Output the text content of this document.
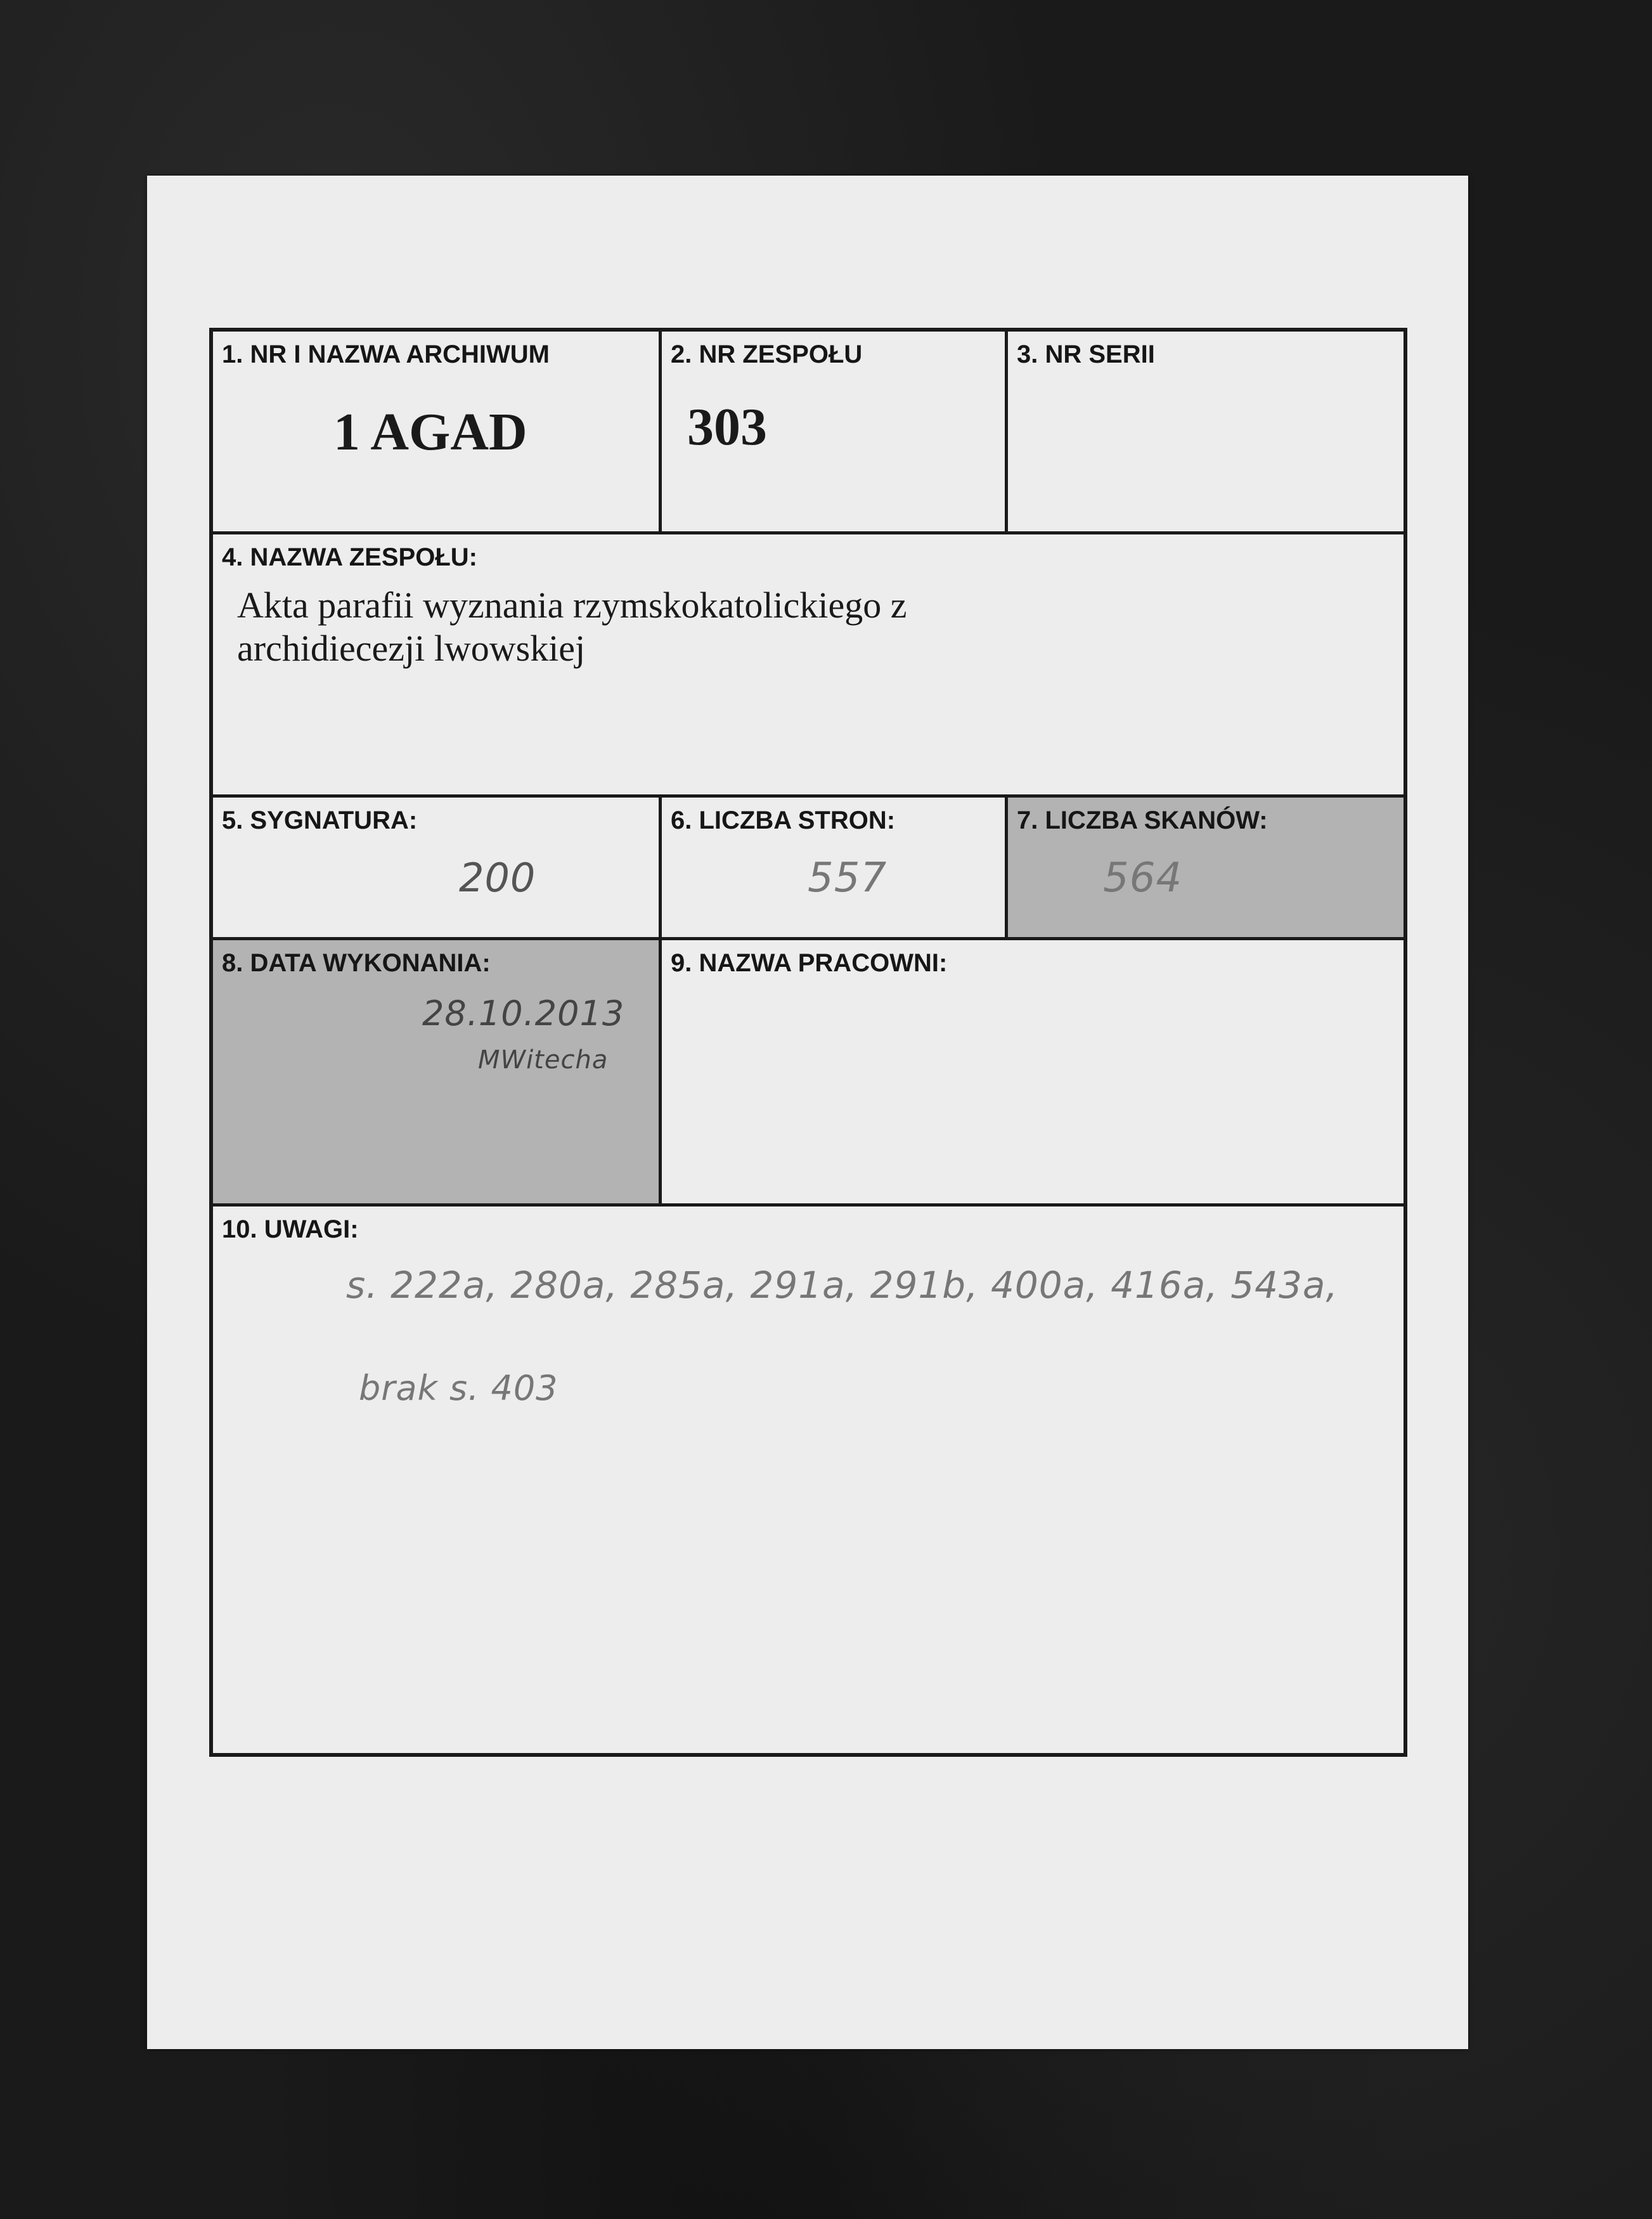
1. NR I NAZWA ARCHIWUM
1 AGAD
2. NR ZESPOŁU
303
3. NR SERII
4. NAZWA ZESPOŁU:
Akta parafii wyznania rzymskokatolickiego z
archidiecezji lwowskiej
5. SYGNATURA:
200
6. LICZBA STRON:
557
7. LICZBA SKANÓW:
564
8. DATA WYKONANIA:
28.10.2013
MWitecha
9. NAZWA PRACOWNI:
10. UWAGI:
s. 222a, 280a, 285a, 291a, 291b, 400a, 416a, 543a,
brak s. 403
